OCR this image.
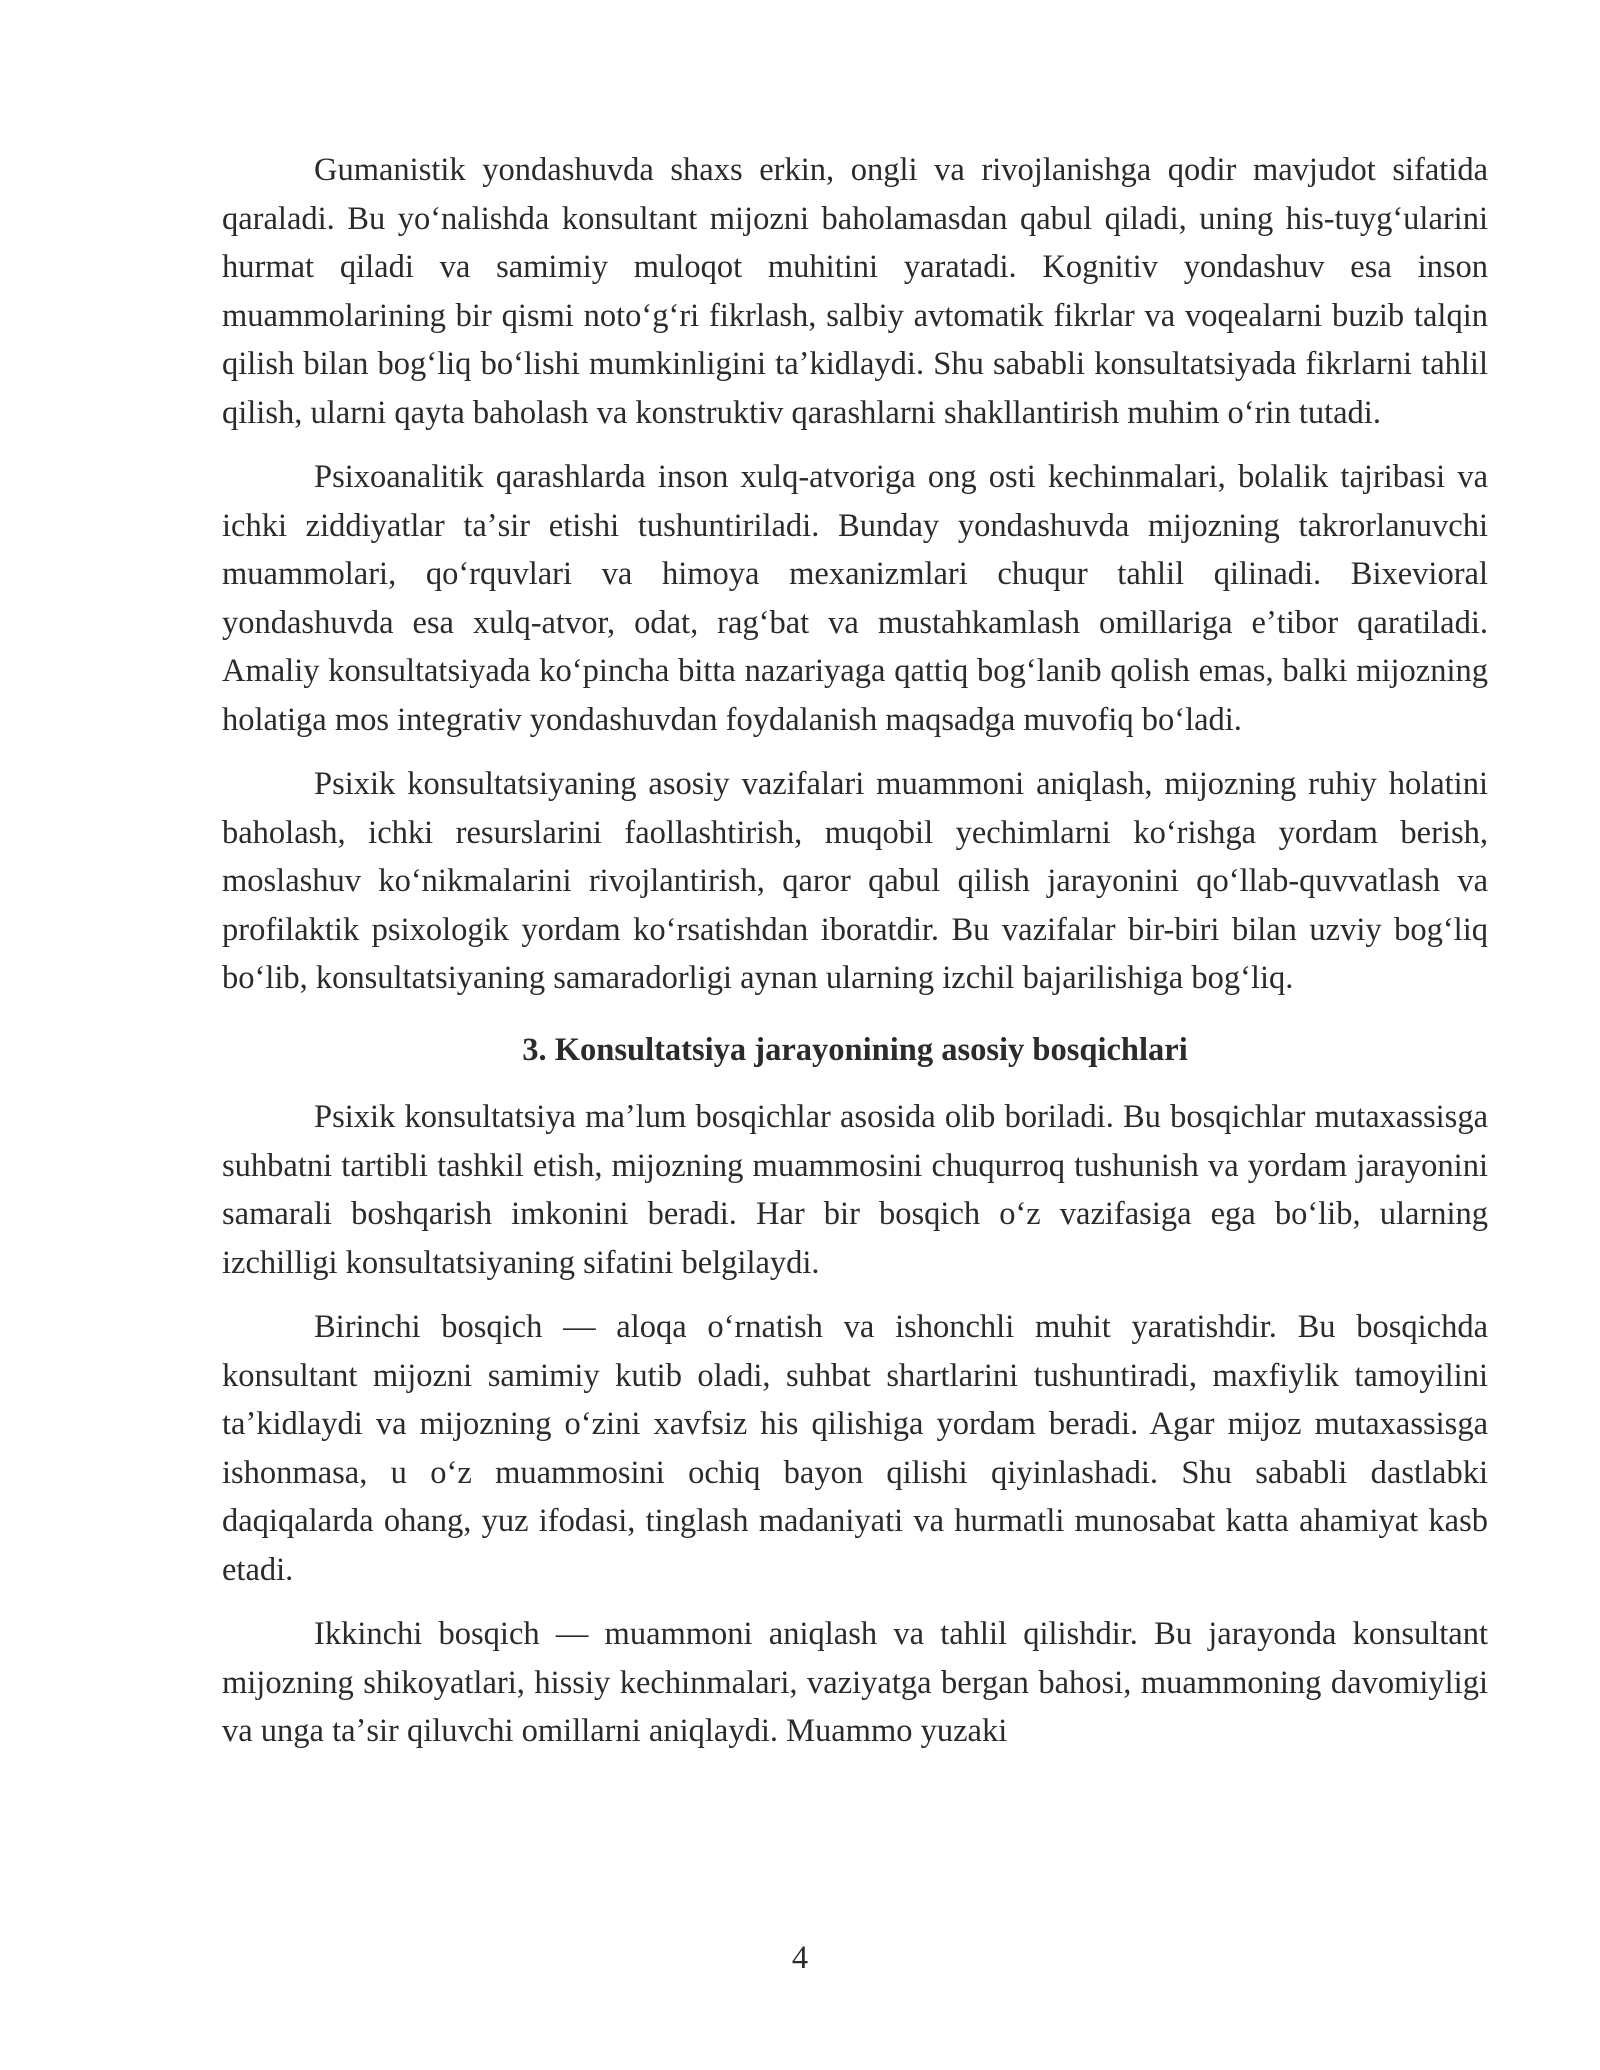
Gumanistik yondashuvda shaxs erkin, ongli va rivojlanishga qodir mavjudot sifatida qaraladi. Bu yoʻnalishda konsultant mijozni baholamasdan qabul qiladi, uning his-tuygʻularini hurmat qiladi va samimiy muloqot muhitini yaratadi. Kognitiv yondashuv esa inson muammolarining bir qismi notoʻgʻri fikrlash, salbiy avtomatik fikrlar va voqealarni buzib talqin qilish bilan bogʻliq boʻlishi mumkinligini taʼkidlaydi. Shu sababli konsultatsiyada fikrlarni tahlil qilish, ularni qayta baholash va konstruktiv qarashlarni shakllantirish muhim oʻrin tutadi.

Psixoanalitik qarashlarda inson xulq-atvoriga ong osti kechinmalari, bolalik tajribasi va ichki ziddiyatlar taʼsir etishi tushuntiriladi. Bunday yondashuvda mijozning takrorlanuvchi muammolari, qoʻrquvlari va himoya mexanizmlari chuqur tahlil qilinadi. Bixevioral yondashuvda esa xulq-atvor, odat, ragʻbat va mustahkamlash omillariga eʼtibor qaratiladi. Amaliy konsultatsiyada koʻpincha bitta nazariyaga qattiq bogʻlanib qolish emas, balki mijozning holatiga mos integrativ yondashuvdan foydalanish maqsadga muvofiq boʻladi.

Psixik konsultatsiyaning asosiy vazifalari muammoni aniqlash, mijozning ruhiy holatini baholash, ichki resurslarini faollashtirish, muqobil yechimlarni koʻrishga yordam berish, moslashuv koʻnikmalarini rivojlantirish, qaror qabul qilish jarayonini qoʻllab-quvvatlash va profilaktik psixologik yordam koʻrsatishdan iboratdir. Bu vazifalar bir-biri bilan uzviy bogʻliq boʻlib, konsultatsiyaning samaradorligi aynan ularning izchil bajarilishiga bogʻliq.

3. Konsultatsiya jarayonining asosiy bosqichlari

Psixik konsultatsiya maʼlum bosqichlar asosida olib boriladi. Bu bosqichlar mutaxassisga suhbatni tartibli tashkil etish, mijozning muammosini chuqurroq tushunish va yordam jarayonini samarali boshqarish imkonini beradi. Har bir bosqich oʻz vazifasiga ega boʻlib, ularning izchilligi konsultatsiyaning sifatini belgilaydi.

Birinchi bosqich — aloqa oʻrnatish va ishonchli muhit yaratishdir. Bu bosqichda konsultant mijozni samimiy kutib oladi, suhbat shartlarini tushuntiradi, maxfiylik tamoyilini taʼkidlaydi va mijozning oʻzini xavfsiz his qilishiga yordam beradi. Agar mijoz mutaxassisga ishonmasa, u oʻz muammosini ochiq bayon qilishi qiyinlashadi. Shu sababli dastlabki daqiqalarda ohang, yuz ifodasi, tinglash madaniyati va hurmatli munosabat katta ahamiyat kasb etadi.

Ikkinchi bosqich — muammoni aniqlash va tahlil qilishdir. Bu jarayonda konsultant mijozning shikoyatlari, hissiy kechinmalari, vaziyatga bergan bahosi, muammoning davomiyligi va unga taʼsir qiluvchi omillarni aniqlaydi. Muammo yuzaki

4
